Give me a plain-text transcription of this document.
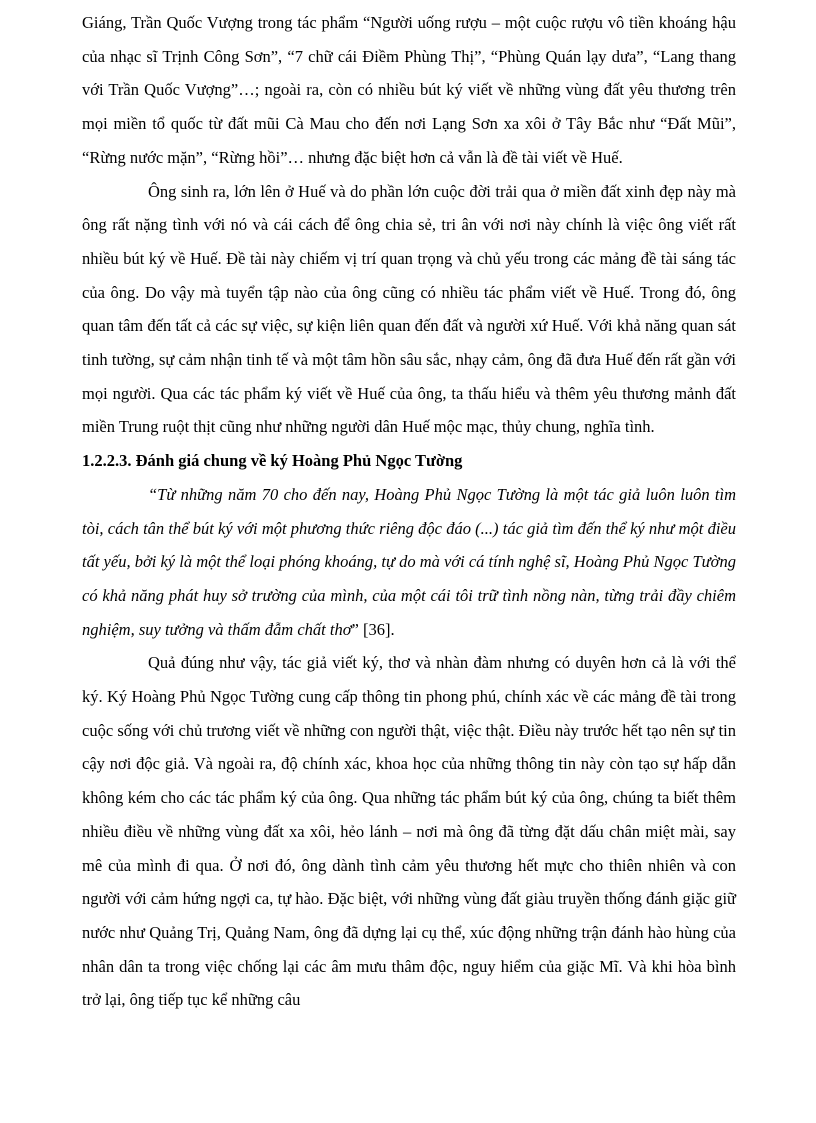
Giáng, Trần Quốc Vượng trong tác phẩm “Người uống rượu – một cuộc rượu vô tiền khoáng hậu của nhạc sĩ Trịnh Công Sơn”, “7 chữ cái Điềm Phùng Thị”, “Phùng Quán lạy dưa”, “Lang thang với Trần Quốc Vượng”…; ngoài ra, còn có nhiều bút ký viết về những vùng đất yêu thương trên mọi miền tổ quốc từ đất mũi Cà Mau cho đến nơi Lạng Sơn xa xôi ở Tây Bắc như “Đất Mũi”, “Rừng nước mặn”, “Rừng hồi”… nhưng đặc biệt hơn cả vẫn là đề tài viết về Huế.

Ông sinh ra, lớn lên ở Huế và do phần lớn cuộc đời trải qua ở miền đất xinh đẹp này mà ông rất nặng tình với nó và cái cách để ông chia sẻ, tri ân với nơi này chính là việc ông viết rất nhiều bút ký về Huế. Đề tài này chiếm vị trí quan trọng và chủ yếu trong các mảng đề tài sáng tác của ông. Do vậy mà tuyển tập nào của ông cũng có nhiều tác phẩm viết về Huế. Trong đó, ông quan tâm đến tất cả các sự việc, sự kiện liên quan đến đất và người xứ Huế. Với khả năng quan sát tinh tường, sự cảm nhận tinh tế và một tâm hồn sâu sắc, nhạy cảm, ông đã đưa Huế đến rất gần với mọi người. Qua các tác phẩm ký viết về Huế của ông, ta thấu hiểu và thêm yêu thương mảnh đất miền Trung ruột thịt cũng như những người dân Huế mộc mạc, thủy chung, nghĩa tình.

1.2.2.3. Đánh giá chung về ký Hoàng Phủ Ngọc Tường

“Từ những năm 70 cho đến nay, Hoàng Phủ Ngọc Tường là một tác giả luôn luôn tìm tòi, cách tân thể bút ký với một phương thức riêng độc đáo (...) tác giả tìm đến thể ký như một điều tất yếu, bởi ký là một thể loại phóng khoáng, tự do mà với cá tính nghệ sĩ, Hoàng Phủ Ngọc Tường có khả năng phát huy sở trường của mình, của một cái tôi trữ tình nồng nàn, từng trải đầy chiêm nghiệm, suy tưởng và thấm đẫm chất thơ” [36].

Quả đúng như vậy, tác giả viết ký, thơ và nhàn đàm nhưng có duyên hơn cả là với thể ký. Ký Hoàng Phủ Ngọc Tường cung cấp thông tin phong phú, chính xác về các mảng đề tài trong cuộc sống với chủ trương viết về những con người thật, việc thật. Điều này trước hết tạo nên sự tin cậy nơi độc giả. Và ngoài ra, độ chính xác, khoa học của những thông tin này còn tạo sự hấp dẫn không kém cho các tác phẩm ký của ông. Qua những tác phẩm bút ký của ông, chúng ta biết thêm nhiều điều về những vùng đất xa xôi, hẻo lánh – nơi mà ông đã từng đặt dấu chân miệt mài, say mê của mình đi qua. Ở nơi đó, ông dành tình cảm yêu thương hết mực cho thiên nhiên và con người với cảm hứng ngợi ca, tự hào. Đặc biệt, với những vùng đất giàu truyền thống đánh giặc giữ nước như Quảng Trị, Quảng Nam, ông đã dựng lại cụ thể, xúc động những trận đánh hào hùng của nhân dân ta trong việc chống lại các âm mưu thâm độc, nguy hiểm của giặc Mĩ. Và khi hòa bình trở lại, ông tiếp tục kể những câu
